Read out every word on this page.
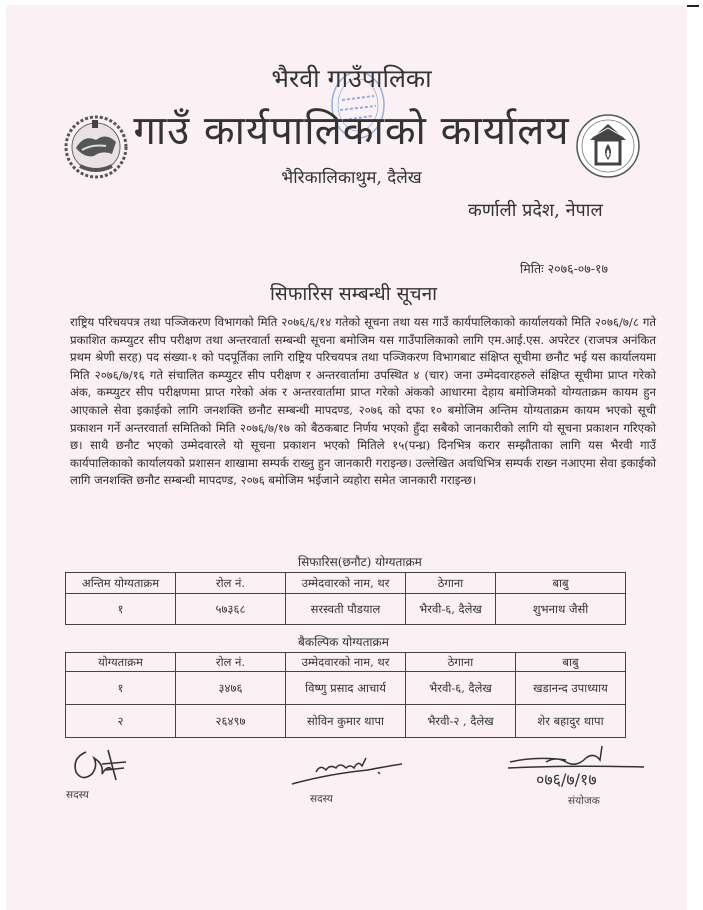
भैरवी गाउँपालिका
गाउँ कार्यपालिकाको कार्यालय
भैरिकालिकाथुम, दैलेख
कर्णाली प्रदेश, नेपाल
मितिः २०७६-०७-१७
सिफारिस सम्बन्धी सूचना
राष्ट्रिय परिचयपत्र तथा पञ्जिकरण विभागको मिति २०७६/६/१४ गतेको सूचना तथा यस गाउँ कार्यपालिकाको कार्यालयको मिति २०७६/७/८ गते प्रकाशित कम्प्युटर सीप परीक्षण तथा अन्तरवार्ता सम्बन्धी सूचना बमोजिम यस गाउँपालिकाको लागि एम.आई.एस. अपरेटर (राजपत्र अनंकित प्रथम श्रेणी सरह) पद संख्या-१ को पदपूर्तिका लागि राष्ट्रिय परिचयपत्र तथा पञ्जिकरण विभागबाट संक्षिप्त सूचीमा छनौट भई यस कार्यालयमा मिति २०७६/७/१६ गते संचालित कम्प्युटर सीप परीक्षण र अन्तरवार्तामा उपस्थित ४ (चार) जना उम्मेदवारहरुले संक्षिप्त सूचीमा प्राप्त गरेको अंक, कम्प्युटर सीप परीक्षणमा प्राप्त गरेको अंक र अन्तरवार्तामा प्राप्त गरेको अंकको आधारमा देहाय बमोजिमको योग्यताक्रम कायम हुन आएकाले सेवा इकाईको लागि जनशक्ति छनौट सम्बन्धी मापदण्ड, २०७६ को दफा १० बमोजिम अन्तिम योग्यताक्रम कायम भएको सूची प्रकाशन गर्ने अन्तरवार्ता समितिको मिति २०७६/७/१७ को बैठकबाट निर्णय भएको हुँदा सबैको जानकारीको लागि यो सूचना प्रकाशन गरिएको छ। साथै छनौट भएको उम्मेदवारले यो सूचना प्रकाशन भएको मितिले १५(पन्ध्र) दिनभित्र करार सम्झौताका लागि यस भैरवी गाउँ कार्यपालिकाको कार्यालयको प्रशासन शाखामा सम्पर्क राख्नु हुन जानकारी गराइन्छ। उल्लेखित अवधिभित्र सम्पर्क राख्न नआएमा सेवा इकाईको लागि जनशक्ति छनौट सम्बन्धी मापदण्ड, २०७६ बमोजिम भईजाने व्यहोरा समेत जानकारी गराइन्छ।
सिफारिस(छनौट) योग्यताक्रम
अन्तिम योग्यताक्रम	रोल नं.	उम्मेदवारको नाम, थर	ठेगाना	बाबु
१	५७३६८	सरस्वती पौडयाल	भैरवी-६, दैलेख	शुभनाथ जैसी
बैकल्पिक योग्यताक्रम
योग्यताक्रम	रोल नं.	उम्मेदवारको नाम, थर	ठेगाना	बाबु
१	३४७६	विष्णु प्रसाद आचार्य	भैरवी-६, दैलेख	खडानन्द उपाध्याय
२	२६४९७	सोविन कुमार थापा	भैरवी-२ , दैलेख	शेर बहादुर थापा
सदस्य	सदस्य
०७६/७/१७
संयोजक
